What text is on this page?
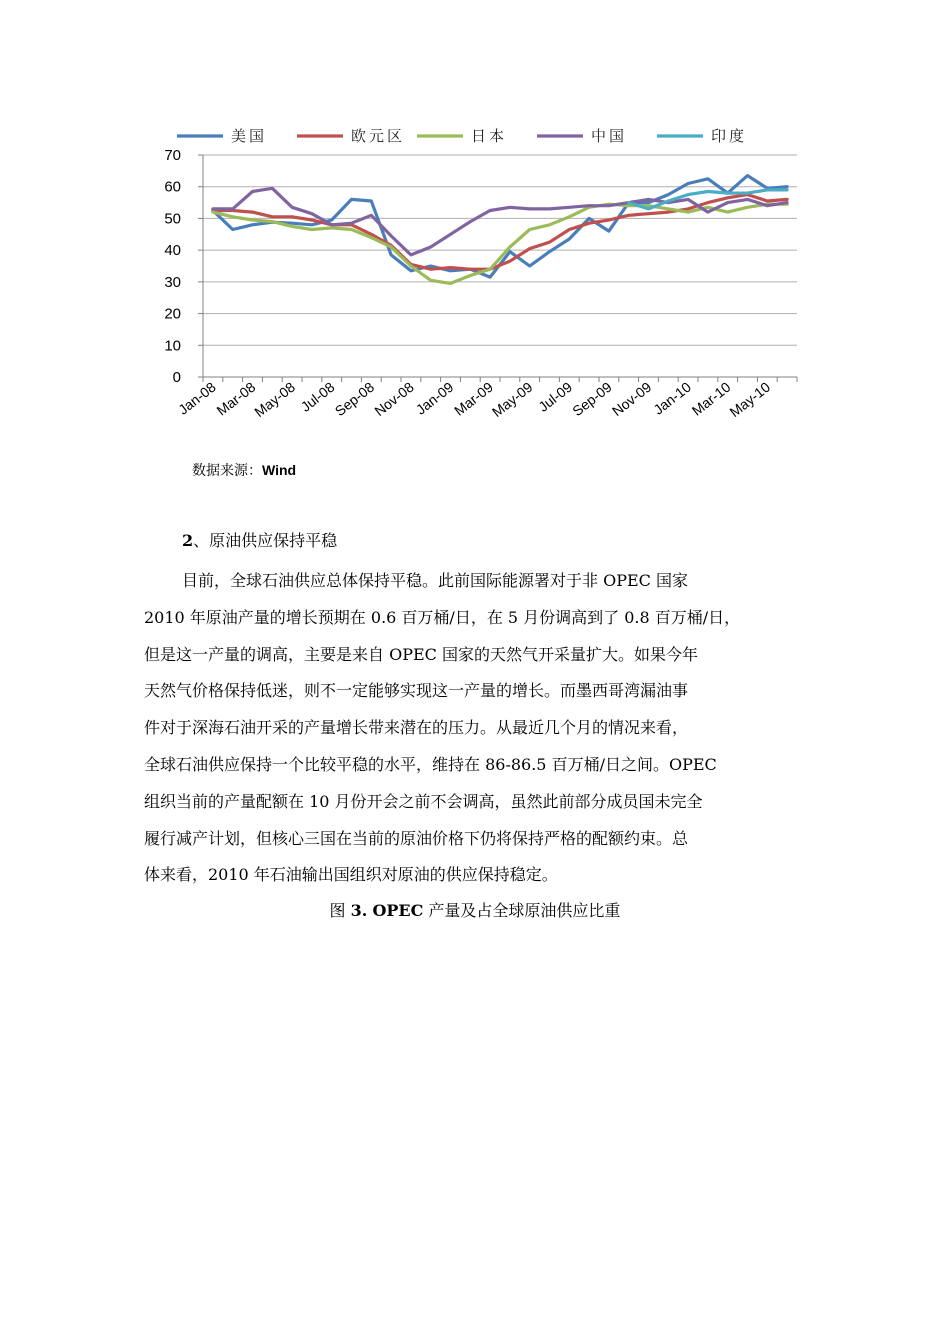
0
10
20
30
40
50
60
70
Jan-08
Mar-08
May-08 Jul-08
Sep-08
Nov-08
Jan-09
Mar-09
May-09 Jul-09
Sep-09
Nov-09
Jan-10
Mar-10
May-10
美国	欧元区	日本	中国	印度
数据来源：Wind
2、原油供应保持平稳
目前，全球石油供应总体保持平稳。此前国际能源署对于非 OPEC 国家
2010 年原油产量的增长预期在 0.6 百万桶/日，在 5 月份调高到了 0.8 百万桶/日，
但是这一产量的调高，主要是来自 OPEC 国家的天然气开采量扩大。如果今年
天然气价格保持低迷，则不一定能够实现这一产量的增长。而墨西哥湾漏油事
件对于深海石油开采的产量增长带来潜在的压力。从最近几个月的情况来看，
全球石油供应保持一个比较平稳的水平，维持在 86-86.5 百万桶/日之间。OPEC
组织当前的产量配额在 10 月份开会之前不会调高，虽然此前部分成员国未完全
履行减产计划，但核心三国在当前的原油价格下仍将保持严格的配额约束。总
体来看，2010 年石油输出国组织对原油的供应保持稳定。
图 3. OPEC 产量及占全球原油供应比重
